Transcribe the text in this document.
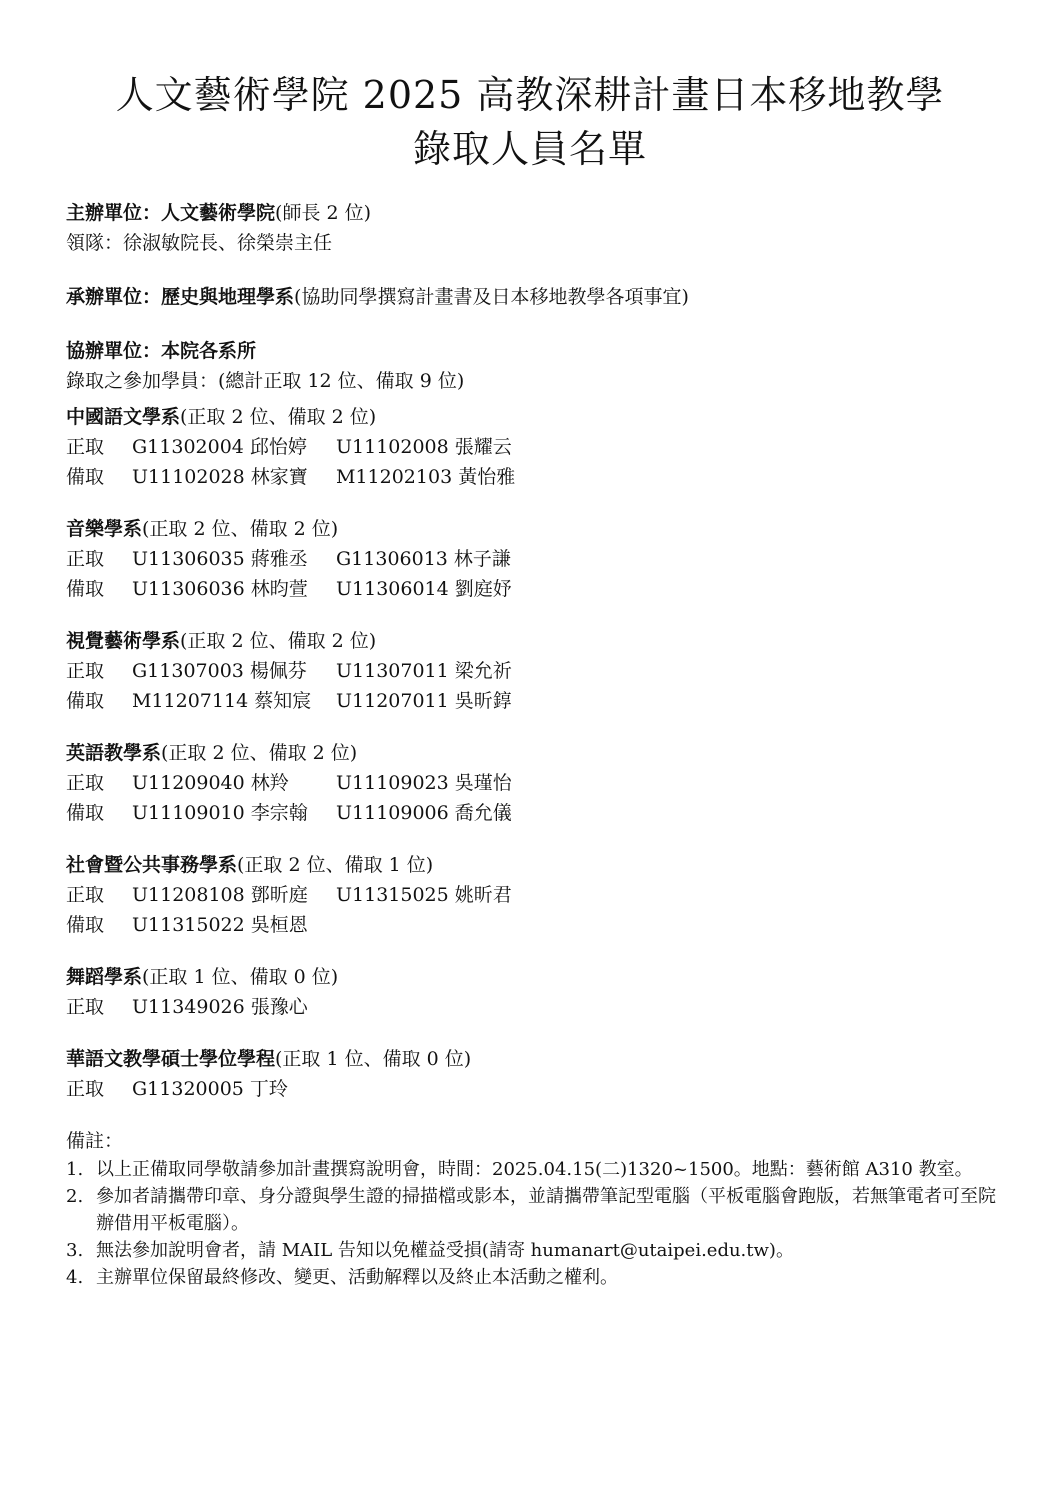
人文藝術學院 2025 高教深耕計畫日本移地教學
錄取人員名單
主辦單位：人文藝術學院(師長 2 位)
領隊：徐淑敏院長、徐榮崇主任
承辦單位：歷史與地理學系(協助同學撰寫計畫書及日本移地教學各項事宜)
協辦單位：本院各系所
錄取之參加學員：(總計正取 12 位、備取 9 位)
中國語文學系(正取 2 位、備取 2 位)
正取 G11302004 邱怡婷 U11102008 張耀云
備取 U11102028 林家寶 M11202103 黃怡雅
音樂學系(正取 2 位、備取 2 位)
正取 U11306035 蔣雅丞 G11306013 林子謙
備取 U11306036 林昀萱 U11306014 劉庭妤
視覺藝術學系(正取 2 位、備取 2 位)
正取 G11307003 楊佩芬 U11307011 梁允祈
備取 M11207114 蔡知宸 U11207011 吳昕錞
英語教學系(正取 2 位、備取 2 位)
正取 U11209040 林羚 U11109023 吳瑾怡
備取 U11109010 李宗翰 U11109006 喬允儀
社會暨公共事務學系(正取 2 位、備取 1 位)
正取 U11208108 鄧昕庭 U11315025 姚昕君
備取 U11315022 吳桓恩
舞蹈學系(正取 1 位、備取 0 位)
正取 U11349026 張豫心
華語文教學碩士學位學程(正取 1 位、備取 0 位)
正取 G11320005 丁玲
備註：
1. 以上正備取同學敬請參加計畫撰寫說明會，時間：2025.04.15(二)1320~1500。地點：藝術館 A310 教室。
2. 參加者請攜帶印章、身分證與學生證的掃描檔或影本，並請攜帶筆記型電腦（平板電腦會跑版，若無筆電者可至院辦借用平板電腦）。
3. 無法參加說明會者，請 MAIL 告知以免權益受損(請寄 humanart@utaipei.edu.tw)。
4. 主辦單位保留最終修改、變更、活動解釋以及終止本活動之權利。
